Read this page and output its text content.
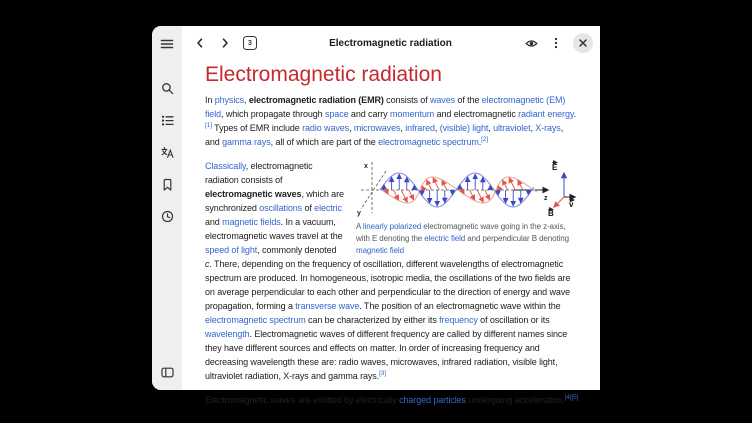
3	Electromagnetic radiation
Electromagnetic radiation
In physics, electromagnetic radiation (EMR) consists of waves of the electromagnetic (EM) field, which propagate through space and carry momentum and electromagnetic radiant energy.[1] Types of EMR include radio waves, microwaves, infrared, (visible) light, ultraviolet, X-rays, and gamma rays, all of which are part of the electromagnetic spectrum.[2]
x
y
z
E
v
B
A linearly polarized electromagnetic wave going in the z-axis, with E denoting the electric field and perpendicular B denoting magnetic field
Classically, electromagnetic radiation consists of electromagnetic waves, which are synchronized oscillations of electric and magnetic fields. In a vacuum, electromagnetic waves travel at the speed of light, commonly denoted c. There, depending on the frequency of oscillation, different wavelengths of electromagnetic spectrum are produced. In homogeneous, isotropic media, the oscillations of the two fields are on average perpendicular to each other and perpendicular to the direction of energy and wave propagation, forming a transverse wave. The position of an electromagnetic wave within the electromagnetic spectrum can be characterized by either its frequency of oscillation or its wavelength. Electromagnetic waves of different frequency are called by different names since they have different sources and effects on matter. In order of increasing frequency and decreasing wavelength these are: radio waves, microwaves, infrared radiation, visible light, ultraviolet radiation, X-rays and gamma rays.[3]
Electromagnetic waves are emitted by electrically charged particles undergoing acceleration,[4][5]
